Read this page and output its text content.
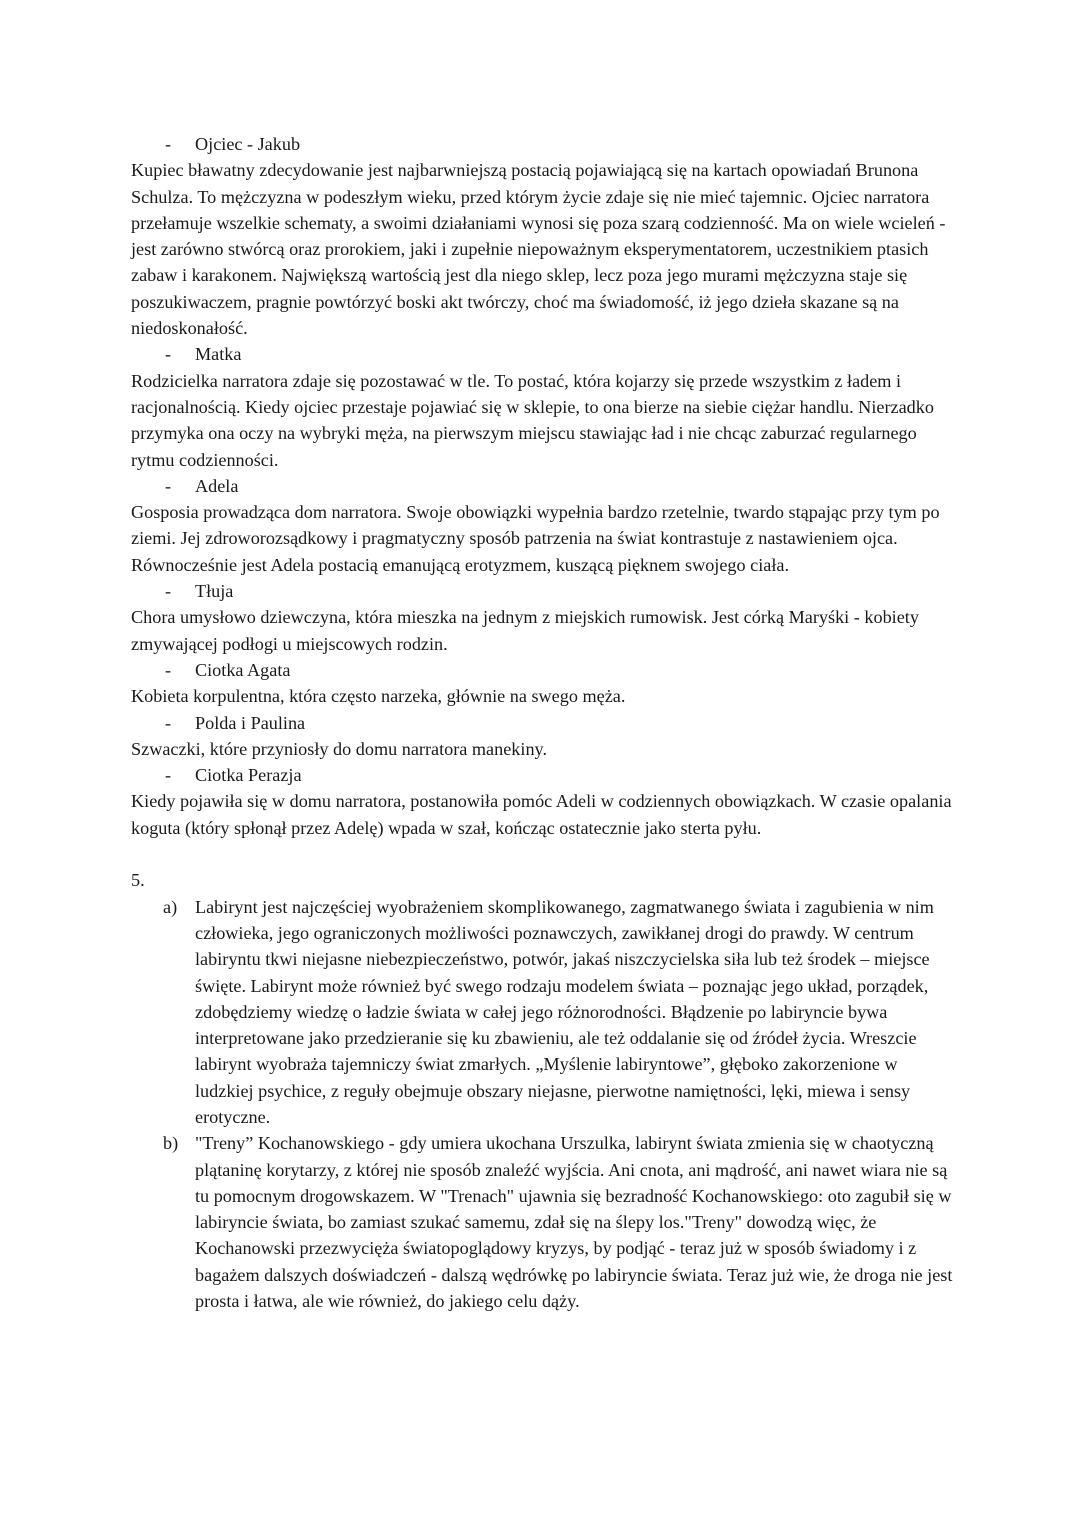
-	Ojciec - Jakub

Kupiec bławatny zdecydowanie jest najbarwniejszą postacią pojawiającą się na kartach opowiadań Brunona Schulza. To mężczyzna w podeszłym wieku, przed którym życie zdaje się nie mieć tajemnic. Ojciec narratora przełamuje wszelkie schematy, a swoimi działaniami wynosi się poza szarą codzienność. Ma on wiele wcieleń - jest zarówno stwórcą oraz prorokiem, jaki i zupełnie niepoważnym eksperymentatorem, uczestnikiem ptasich zabaw i karakonem. Największą wartością jest dla niego sklep, lecz poza jego murami mężczyzna staje się poszukiwaczem, pragnie powtórzyć boski akt twórczy, choć ma świadomość, iż jego dzieła skazane są na niedoskonałość.

-	Matka

Rodzicielka narratora zdaje się pozostawać w tle. To postać, która kojarzy się przede wszystkim z ładem i racjonalnością. Kiedy ojciec przestaje pojawiać się w sklepie, to ona bierze na siebie ciężar handlu. Nierzadko przymyka ona oczy na wybryki męża, na pierwszym miejscu stawiając ład i nie chcąc zaburzać regularnego rytmu codzienności.

-	Adela

Gosposia prowadząca dom narratora. Swoje obowiązki wypełnia bardzo rzetelnie, twardo stąpając przy tym po ziemi. Jej zdroworozsądkowy i pragmatyczny sposób patrzenia na świat kontrastuje z nastawieniem ojca. Równocześnie jest Adela postacią emanującą erotyzmem, kuszącą pięknem swojego ciała.

-	Tłuja

Chora umysłowo dziewczyna, która mieszka na jednym z miejskich rumowisk. Jest córką Maryśki - kobiety zmywającej podłogi u miejscowych rodzin.

-	Ciotka Agata

Kobieta korpulentna, która często narzeka, głównie na swego męża.

-	Polda i Paulina

Szwaczki, które przyniosły do domu narratora manekiny.

-	Ciotka Perazja

Kiedy pojawiła się w domu narratora, postanowiła pomóc Adeli w codziennych obowiązkach. W czasie opalania koguta (który spłonął przez Adelę) wpada w szał, kończąc ostatecznie jako sterta pyłu.

5.

a) Labirynt jest najczęściej wyobrażeniem skomplikowanego, zagmatwanego świata i zagubienia w nim człowieka, jego ograniczonych możliwości poznawczych, zawikłanej drogi do prawdy. W centrum labiryntu tkwi niejasne niebezpieczeństwo, potwór, jakaś niszczycielska siła lub też środek – miejsce święte. Labirynt może również być swego rodzaju modelem świata – poznając jego układ, porządek, zdobędziemy wiedzę o ładzie świata w całej jego różnorodności. Błądzenie po labiryncie bywa interpretowane jako przedzieranie się ku zbawieniu, ale też oddalanie się od źródeł życia. Wreszcie labirynt wyobraża tajemniczy świat zmarłych. „Myślenie labiryntowe”, głęboko zakorzenione w ludzkiej psychice, z reguły obejmuje obszary niejasne, pierwotne namiętności, lęki, miewa i sensy erotyczne.
b) "Treny” Kochanowskiego - gdy umiera ukochana Urszulka, labirynt świata zmienia się w chaotyczną plątaninę korytarzy, z której nie sposób znaleźć wyjścia. Ani cnota, ani mądrość, ani nawet wiara nie są tu pomocnym drogowskazem. W "Trenach" ujawnia się bezradność Kochanowskiego: oto zagubił się w labiryncie świata, bo zamiast szukać samemu, zdał się na ślepy los."Treny" dowodzą więc, że Kochanowski przezwycięża światopoglądowy kryzys, by podjąć - teraz już w sposób świadomy i z bagażem dalszych doświadczeń - dalszą wędrówkę po labiryncie świata. Teraz już wie, że droga nie jest prosta i łatwa, ale wie również, do jakiego celu dąży.
